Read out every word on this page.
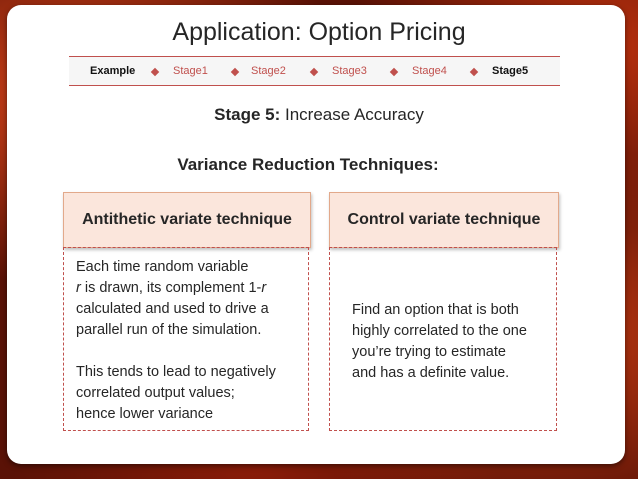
Application: Option Pricing
Example	Stage1	Stage2	Stage3	Stage4	Stage5
Stage 5: Increase Accuracy
Variance Reduction Techniques:
Antithetic variate technique

Each time random variable

r is drawn, its complement 1-r

calculated and used to drive a

parallel run of the simulation.

This tends to lead to negatively

correlated output values;

hence lower variance

Control variate technique

Find an option that is both

highly correlated to the one

you’re trying to estimate

and has a definite value.
